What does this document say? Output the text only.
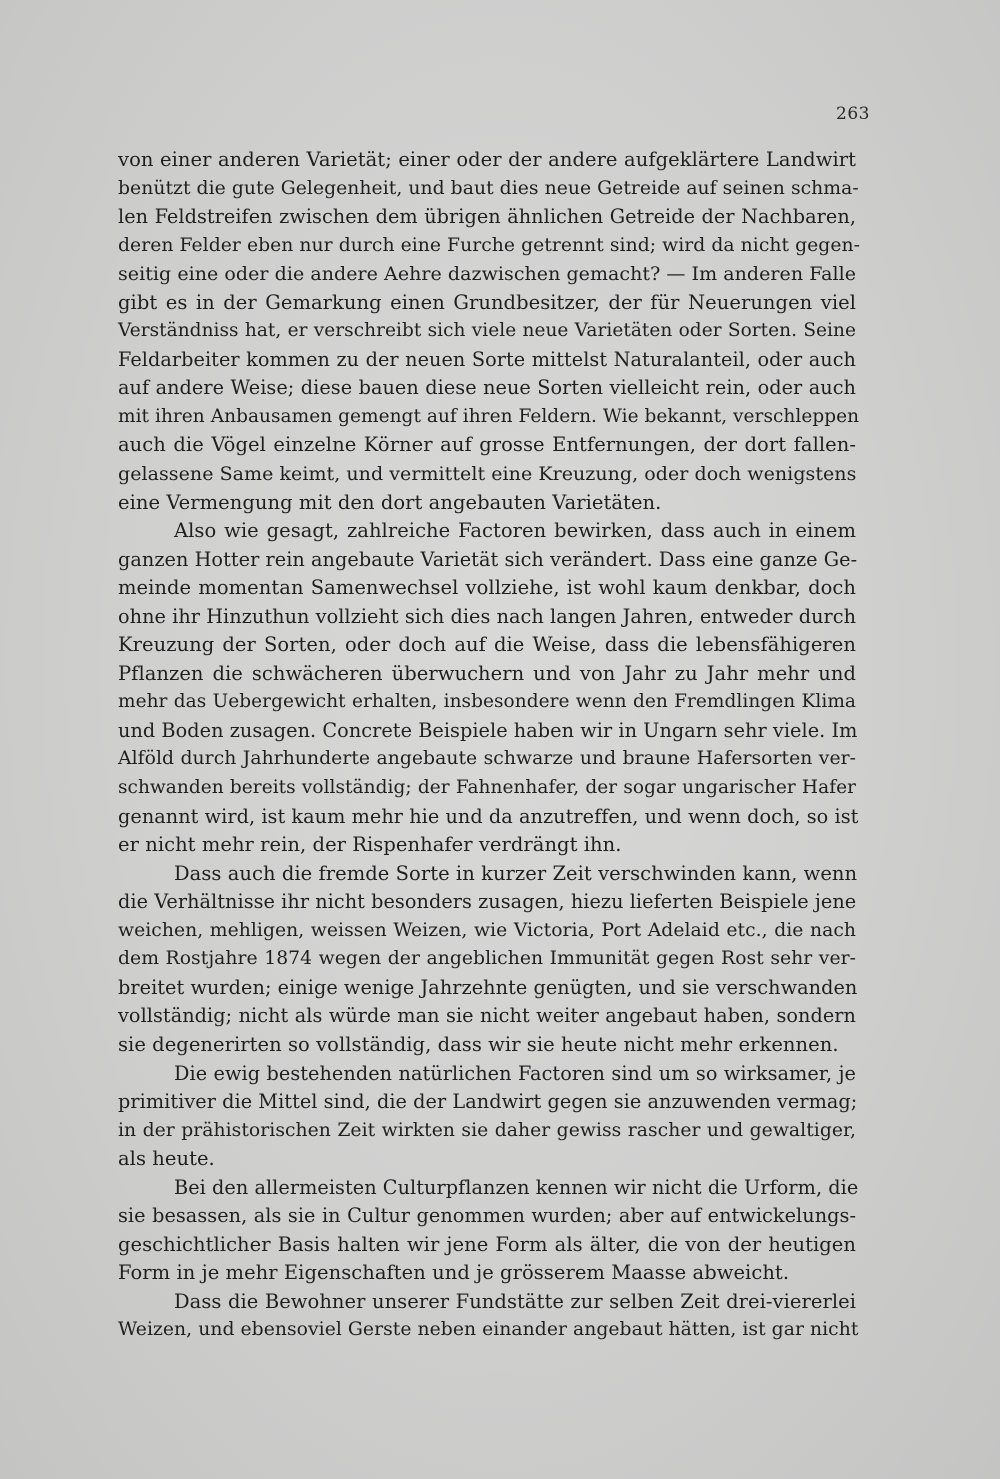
263
von einer anderen Varietät; einer oder der andere aufgeklärtere Landwirt
benützt die gute Gelegenheit, und baut dies neue Getreide auf seinen schma-
len Feldstreifen zwischen dem übrigen ähnlichen Getreide der Nachbaren,
deren Felder eben nur durch eine Furche getrennt sind; wird da nicht gegen-
seitig eine oder die andere Aehre dazwischen gemacht? — Im anderen Falle
gibt es in der Gemarkung einen Grundbesitzer, der für Neuerungen viel
Verständniss hat, er verschreibt sich viele neue Varietäten oder Sorten. Seine
Feldarbeiter kommen zu der neuen Sorte mittelst Naturalanteil, oder auch
auf andere Weise; diese bauen diese neue Sorten vielleicht rein, oder auch
mit ihren Anbausamen gemengt auf ihren Feldern. Wie bekannt, verschleppen
auch die Vögel einzelne Körner auf grosse Entfernungen, der dort fallen-
gelassene Same keimt, und vermittelt eine Kreuzung, oder doch wenigstens
eine Vermengung mit den dort angebauten Varietäten.
Also wie gesagt, zahlreiche Factoren bewirken, dass auch in einem
ganzen Hotter rein angebaute Varietät sich verändert. Dass eine ganze Ge-
meinde momentan Samenwechsel vollziehe, ist wohl kaum denkbar, doch
ohne ihr Hinzuthun vollzieht sich dies nach langen Jahren, entweder durch
Kreuzung der Sorten, oder doch auf die Weise, dass die lebensfähigeren
Pflanzen die schwächeren überwuchern und von Jahr zu Jahr mehr und
mehr das Uebergewicht erhalten, insbesondere wenn den Fremdlingen Klima
und Boden zusagen. Concrete Beispiele haben wir in Ungarn sehr viele. Im
Alföld durch Jahrhunderte angebaute schwarze und braune Hafersorten ver-
schwanden bereits vollständig; der Fahnenhafer, der sogar ungarischer Hafer
genannt wird, ist kaum mehr hie und da anzutreffen, und wenn doch, so ist
er nicht mehr rein, der Rispenhafer verdrängt ihn.
Dass auch die fremde Sorte in kurzer Zeit verschwinden kann, wenn
die Verhältnisse ihr nicht besonders zusagen, hiezu lieferten Beispiele jene
weichen, mehligen, weissen Weizen, wie Victoria, Port Adelaid etc., die nach
dem Rostjahre 1874 wegen der angeblichen Immunität gegen Rost sehr ver-
breitet wurden; einige wenige Jahrzehnte genügten, und sie verschwanden
vollständig; nicht als würde man sie nicht weiter angebaut haben, sondern
sie degenerirten so vollständig, dass wir sie heute nicht mehr erkennen.
Die ewig bestehenden natürlichen Factoren sind um so wirksamer, je
primitiver die Mittel sind, die der Landwirt gegen sie anzuwenden vermag;
in der prähistorischen Zeit wirkten sie daher gewiss rascher und gewaltiger,
als heute.
Bei den allermeisten Culturpflanzen kennen wir nicht die Urform, die
sie besassen, als sie in Cultur genommen wurden; aber auf entwickelungs-
geschichtlicher Basis halten wir jene Form als älter, die von der heutigen
Form in je mehr Eigenschaften und je grösserem Maasse abweicht.
Dass die Bewohner unserer Fundstätte zur selben Zeit drei-viererlei
Weizen, und ebensoviel Gerste neben einander angebaut hätten, ist gar nicht
